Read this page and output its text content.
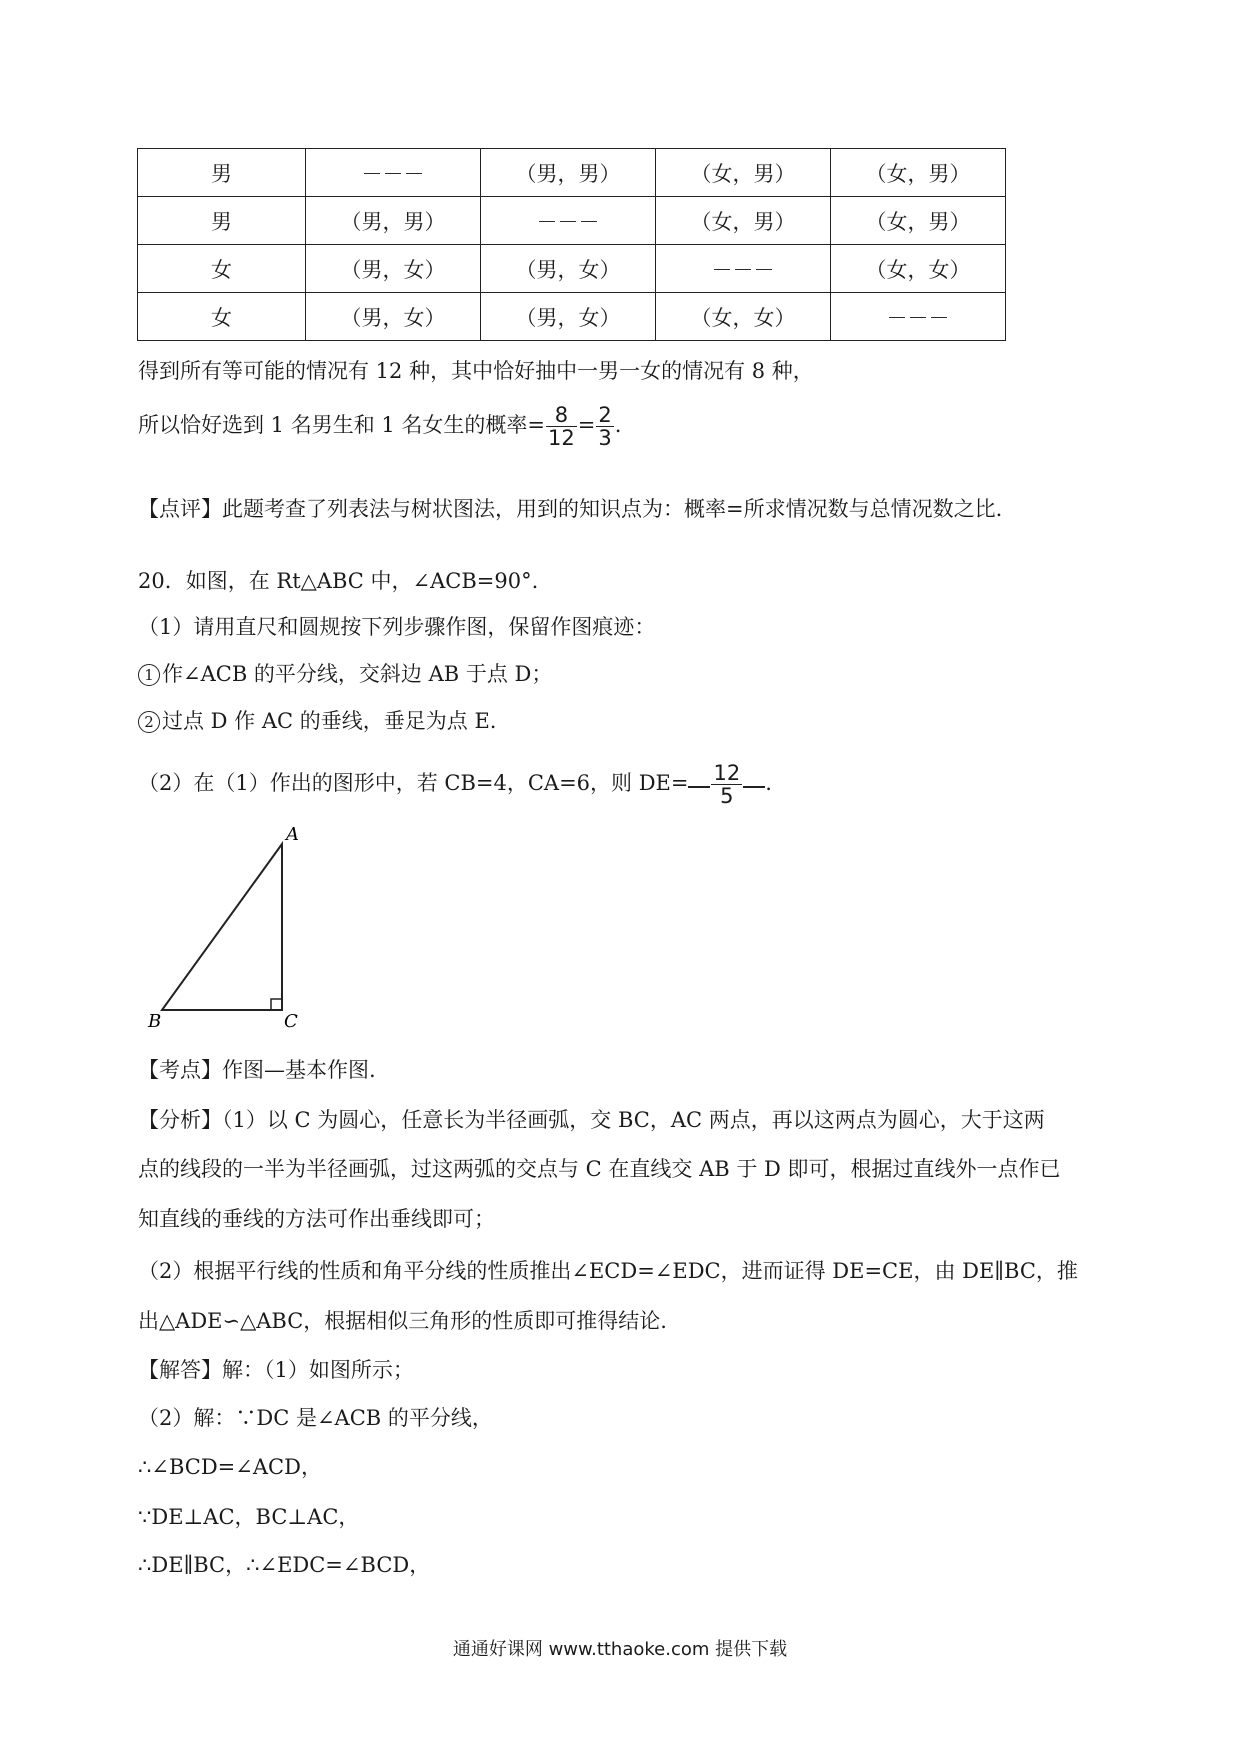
男	－－－	（男，男）	（女，男）	（女，男）
男	（男，男）	－－－	（女，男）	（女，男）
女	（男，女）	（男，女）	－－－	（女，女）
女	（男，女）	（男，女）	（女，女）	－－－
得到所有等可能的情况有 12 种，其中恰好抽中一男一女的情况有 8 种，
所以恰好选到 1 名男生和 1 名女生的概率= $\frac{8}{12} = \frac{2}{3}$ .
【点评】此题考查了列表法与树状图法，用到的知识点为：概率=所求情况数与总情况数之比.
20．如图，在 Rt△ABC 中，∠ACB=90°.
（1）请用直尺和圆规按下列步骤作图，保留作图痕迹：
1 作∠ACB 的平分线，交斜边 AB 于点 D；
2 过点 D 作 AC 的垂线，垂足为点 E.
（2）在（1）作出的图形中，若 CB=4，CA=6，则 $DE= \frac{12}{5}$ .
A
B	C
【考点】作图—基本作图.
【分析】（1）以 C 为圆心，任意长为半径画弧，交 BC，AC 两点，再以这两点为圆心，大于这两
点的线段的一半为半径画弧，过这两弧的交点与 C 在直线交 AB 于 D 即可，根据过直线外一点作已
知直线的垂线的方法可作出垂线即可；
（2）根据平行线的性质和角平分线的性质推出∠ECD=∠EDC，进而证得 DE=CE，由 DE∥BC，推
出△ADE∽△ABC，根据相似三角形的性质即可推得结论.
【解答】解：（1）如图所示；
（2）解：∵DC 是∠ACB 的平分线，
∴∠BCD=∠ACD，
∵DE⊥AC，BC⊥AC，
∴DE∥BC，∴∠EDC=∠BCD，
通通好课网 www.tthaoke.com 提供下载
